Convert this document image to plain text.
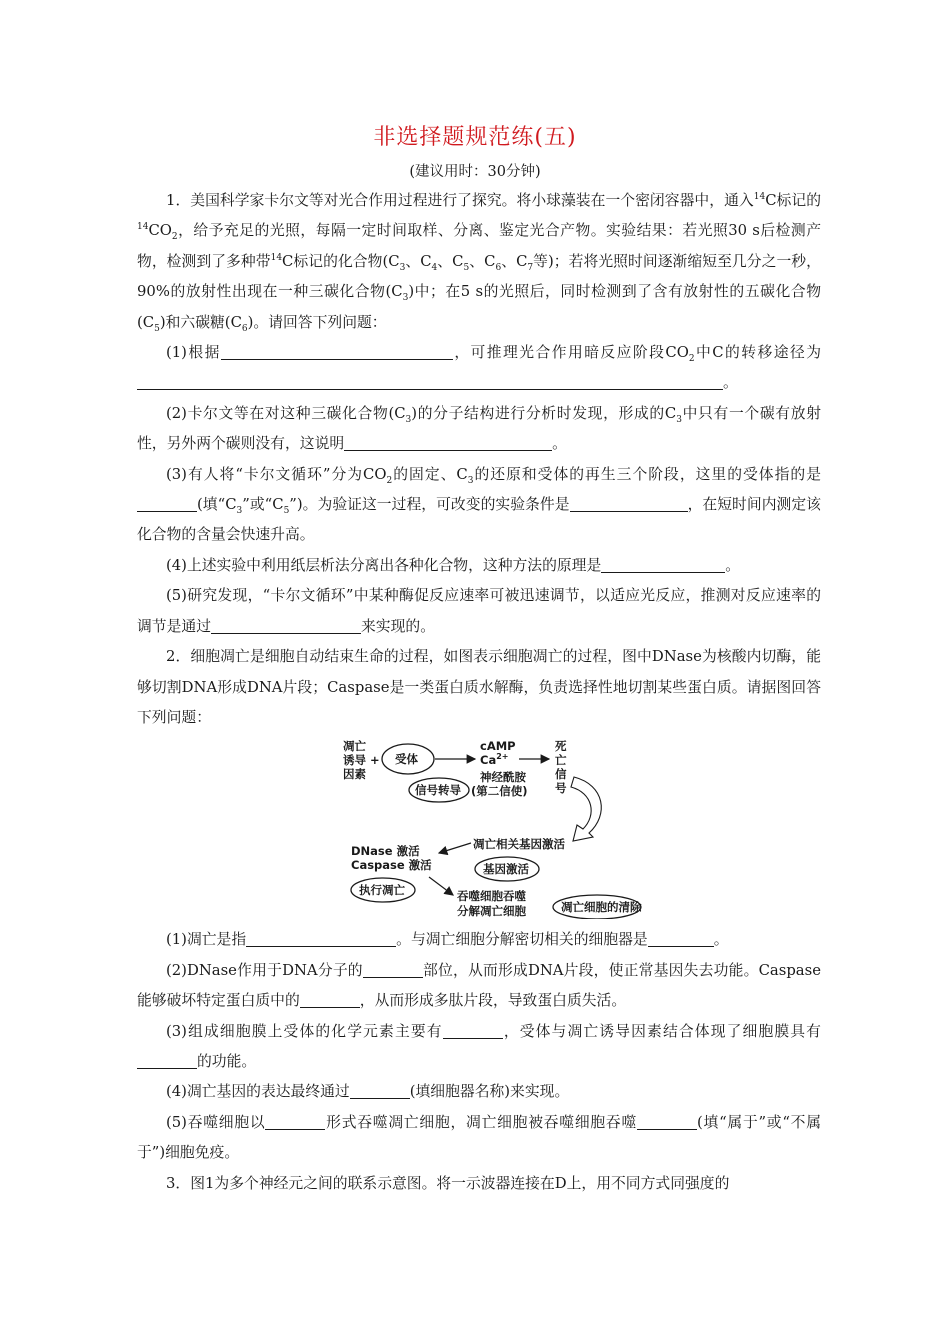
非选择题规范练(五)
(建议用时：30分钟)

1．美国科学家卡尔文等对光合作用过程进行了探究。将小球藻装在一个密闭容器中，通入$^{14}$C标记的$^{14}CO_2$，给予充足的光照，每隔一定时间取样、分离、鉴定光合产物。实验结果：若光照30 s后检测产物，检测到了多种带$^{14}$C标记的化合物($C_3$、$C_4$、$C_5$、$C_6$、$C_7$等)；若将光照时间逐渐缩短至几分之一秒，90%的放射性出现在一种三碳化合物$(C_3)$中；在5 s的光照后，同时检测到了含有放射性的五碳化合物$(C_5)$和六碳糖$(C_6)$。请回答下列问题：

(1)根据	，可推理光合作用暗反应阶段$CO_2$中C的转移途径为。

(2)卡尔文等在对这种三碳化合物$(C_3)$的分子结构进行分析时发现，形成的$C_3$中只有一个碳有放射性，另外两个碳则没有，这说明	。

(3)有人将“卡尔文循环”分为$CO_2$的固定、$C_3$的还原和受体的再生三个阶段，这里的受体指的是(填“$C_3$”或“$C_5$”)。为验证这一过程，可改变的实验条件是	，在短时间内测定该化合物的含量会快速升高。

(4)上述实验中利用纸层析法分离出各种化合物，这种方法的原理是	。

(5)研究发现，“卡尔文循环”中某种酶促反应速率可被迅速调节，以适应光反应，推测对反应速率的调节是通过	来实现的。

2．细胞凋亡是细胞自动结束生命的过程，如图表示细胞凋亡的过程，图中DNase为核酸内切酶，能够切割DNA形成DNA片段；Caspase是一类蛋白质水解酶，负责选择性地切割某些蛋白质。请据图回答下列问题：

凋亡
诱导
因素
+ 受体
信号转导
cAMP
$Ca^{2+}$
神经酰胺
(第二信使)
死
亡
信
号
凋亡相关基因激活
基因激活
DNase 激活
Caspase 激活
执行凋亡	吞噬细胞吞噬
分解凋亡细胞	凋亡细胞的清除

(1)凋亡是指	。与凋亡细胞分解密切相关的细胞器是	。

(2)DNase作用于DNA分子的	部位，从而形成DNA片段，使正常基因失去功能。Caspase能够破坏特定蛋白质中的	，从而形成多肽片段，导致蛋白质失活。

(3)组成细胞膜上受体的化学元素主要有	，受体与凋亡诱导因素结合体现了细胞膜具有的功能。

(4)凋亡基因的表达最终通过	(填细胞器名称)来实现。

(5)吞噬细胞以	形式吞噬凋亡细胞，凋亡细胞被吞噬细胞吞噬	(填“属于”或“不属于”)细胞免疫。

3．图1为多个神经元之间的联系示意图。将一示波器连接在D上，用不同方式同强度的
